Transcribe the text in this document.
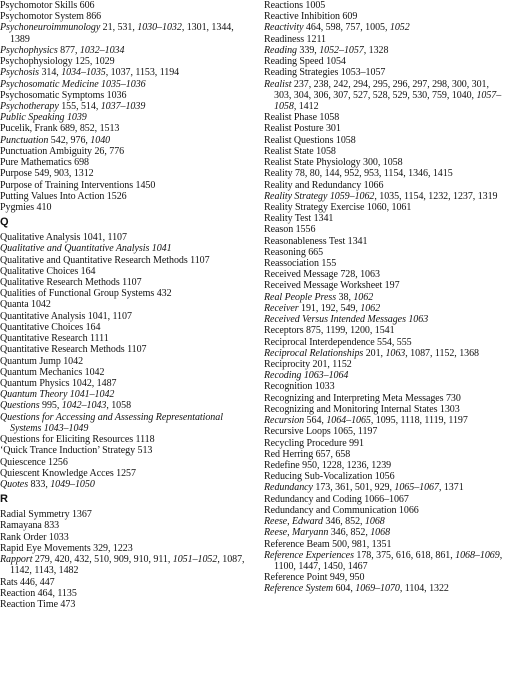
Psychomotor Skills 606
Psychomotor System 866
Psychoneuroimmunology 21, 531, 1030–1032, 1301, 1344, 1389
Psychophysics 877, 1032–1034
Psychophysiology 125, 1029
Psychosis 314, 1034–1035, 1037, 1153, 1194
Psychosomatic Medicine 1035–1036
Psychosomatic Symptoms 1036
Psychotherapy 155, 514, 1037–1039
Public Speaking 1039
Pucelik, Frank 689, 852, 1513
Punctuation 542, 976, 1040
Punctuation Ambiguity 26, 776
Pure Mathematics 698
Purpose 549, 903, 1312
Purpose of Training Interventions 1450
Putting Values Into Action 1526
Pygmies 410
Q
Qualitative Analysis 1041, 1107
Qualitative and Quantitative Analysis 1041
Qualitative and Quantitative Research Methods 1107
Qualitative Choices 164
Qualitative Research Methods 1107
Qualities of Functional Group Systems 432
Quanta 1042
Quantitative Analysis 1041, 1107
Quantitative Choices 164
Quantitative Research 1111
Quantitative Research Methods 1107
Quantum Jump 1042
Quantum Mechanics 1042
Quantum Physics 1042, 1487
Quantum Theory 1041–1042
Questions 995, 1042–1043, 1058
Questions for Accessing and Assessing Representational Systems 1043–1049
Questions for Eliciting Resources 1118
‘Quick Trance Induction’ Strategy 513
Quiescence 1256
Quiescent Knowledge Acces 1257
Quotes 833, 1049–1050
R
Radial Symmetry 1367
Ramayana 833
Rank Order 1033
Rapid Eye Movements 329, 1223
Rapport 279, 420, 432, 510, 909, 910, 911, 1051–1052, 1087, 1142, 1143, 1482
Rats 446, 447
Reaction 464, 1135
Reaction Time 473
Reactions 1005
Reactive Inhibition 609
Reactivity 464, 598, 757, 1005, 1052
Readiness 1211
Reading 339, 1052–1057, 1328
Reading Speed 1054
Reading Strategies 1053–1057
Realist 237, 238, 242, 294, 295, 296, 297, 298, 300, 301, 303, 304, 306, 307, 527, 528, 529, 530, 759, 1040, 1057–1058, 1412
Realist Phase 1058
Realist Posture 301
Realist Questions 1058
Realist State 1058
Realist State Physiology 300, 1058
Reality 78, 80, 144, 952, 953, 1154, 1346, 1415
Reality and Redundancy 1066
Reality Strategy 1059–1062, 1035, 1154, 1232, 1237, 1319
Reality Strategy Exercise 1060, 1061
Reality Test 1341
Reason 1556
Reasonableness Test 1341
Reasoning 665
Reassociation 155
Received Message 728, 1063
Received Message Worksheet 197
Real People Press 38, 1062
Receiver 191, 192, 549, 1062
Received Versus Intended Messages 1063
Receptors 875, 1199, 1200, 1541
Reciprocal Interdependence 554, 555
Reciprocal Relationships 201, 1063, 1087, 1152, 1368
Reciprocity 201, 1152
Recoding 1063–1064
Recognition 1033
Recognizing and Interpreting Meta Messages 730
Recognizing and Monitoring Internal States 1303
Recursion 564, 1064–1065, 1095, 1118, 1119, 1197
Recursive Loops 1065, 1197
Recycling Procedure 991
Red Herring 657, 658
Redefine 950, 1228, 1236, 1239
Reducing Sub-Vocalization 1056
Redundancy 173, 361, 501, 929, 1065–1067, 1371
Redundancy and Coding 1066–1067
Redundancy and Communication 1066
Reese, Edward 346, 852, 1068
Reese, Maryann 346, 852, 1068
Reference Beam 500, 981, 1351
Reference Experiences 178, 375, 616, 618, 861, 1068–1069, 1100, 1447, 1450, 1467
Reference Point 949, 950
Reference System 604, 1069–1070, 1104, 1322
